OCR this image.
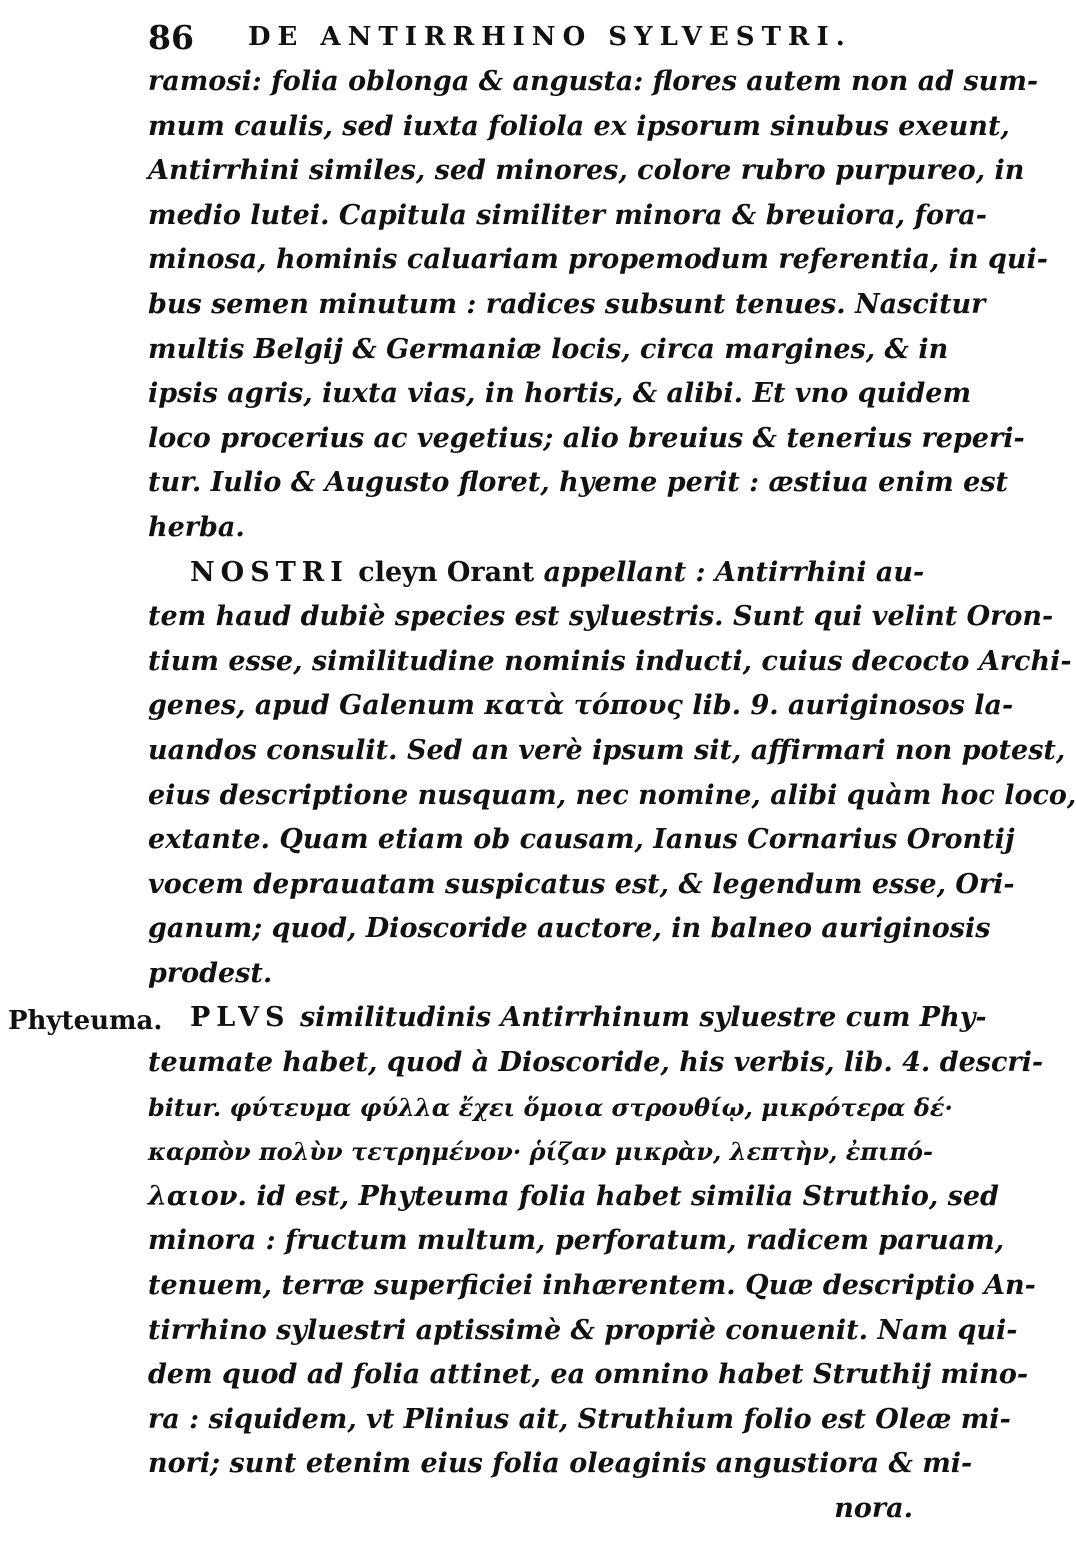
86 DE ANTIRRHINO SYLVESTRI.
Phyteuma.
ramosi: folia oblonga & angusta: flores autem non ad sum-
mum caulis, sed iuxta foliola ex ipsorum sinubus exeunt,
Antirrhini similes, sed minores, colore rubro purpureo, in
medio lutei. Capitula similiter minora & breuiora, fora-
minosa, hominis caluariam propemodum referentia, in qui-
bus semen minutum : radices subsunt tenues. Nascitur
multis Belgij & Germaniæ locis, circa margines, & in
ipsis agris, iuxta vias, in hortis, & alibi. Et vno quidem
loco procerius ac vegetius; alio breuius & tenerius reperi-
tur. Iulio & Augusto floret, hyeme perit : æstiua enim est
herba.
NOSTRI cleyn Orant appellant : Antirrhini au-
tem haud dubiè species est syluestris. Sunt qui velint Oron-
tium esse, similitudine nominis inducti, cuius decocto Archi-
genes, apud Galenum κατὰ τόπους lib. 9. auriginosos la-
uandos consulit. Sed an verè ipsum sit, affirmari non potest,
eius descriptione nusquam, nec nomine, alibi quàm hoc loco,
extante. Quam etiam ob causam, Ianus Cornarius Orontij
vocem deprauatam suspicatus est, & legendum esse, Ori-
ganum; quod, Dioscoride auctore, in balneo auriginosis
prodest.
PLVS similitudinis Antirrhinum syluestre cum Phy-
teumate habet, quod à Dioscoride, his verbis, lib. 4. descri-
bitur. φύτευμα φύλλα ἔχει ὅμοια στρουθίῳ, μικρότερα δέ·
καρπὸν πολὺν τετρημένον· ῥίζαν μικρὰν, λεπτὴν, ἐπιπό-
λαιον. id est, Phyteuma folia habet similia Struthio, sed
minora : fructum multum, perforatum, radicem paruam,
tenuem, terræ superficiei inhærentem. Quæ descriptio An-
tirrhino syluestri aptissimè & propriè conuenit. Nam qui-
dem quod ad folia attinet, ea omnino habet Struthij mino-
ra : siquidem, vt Plinius ait, Struthium folio est Oleæ mi-
nori; sunt etenim eius folia oleaginis angustiora & mi-
nora.
